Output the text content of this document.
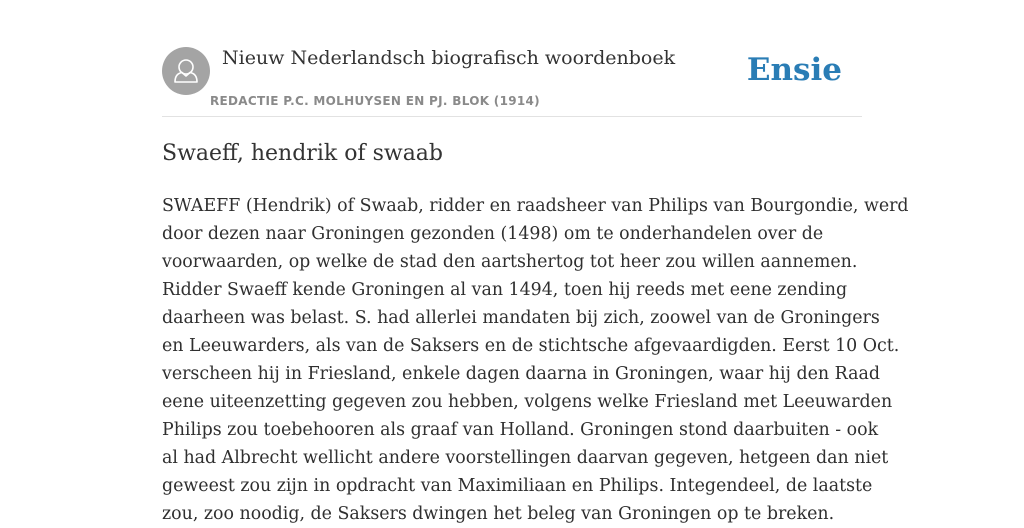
Nieuw Nederlandsch biografisch woordenboek
REDACTIE P.C. MOLHUYSEN EN PJ. BLOK (1914)
Ensie
Swaeff, hendrik of swaab

SWAEFF (Hendrik) of Swaab, ridder en raadsheer van Philips van Bourgondie, werd
door dezen naar Groningen gezonden (1498) om te onderhandelen over de
voorwaarden, op welke de stad den aartshertog tot heer zou willen aannemen.
Ridder Swaeff kende Groningen al van 1494, toen hij reeds met eene zending
daarheen was belast. S. had allerlei mandaten bij zich, zoowel van de Groningers
en Leeuwarders, als van de Saksers en de stichtsche afgevaardigden. Eerst 10 Oct.
verscheen hij in Friesland, enkele dagen daarna in Groningen, waar hij den Raad
eene uiteenzetting gegeven zou hebben, volgens welke Friesland met Leeuwarden
Philips zou toebehooren als graaf van Holland. Groningen stond daarbuiten - ook
al had Albrecht wellicht andere voorstellingen daarvan gegeven, hetgeen dan niet
geweest zou zijn in opdracht van Maximiliaan en Philips. Integendeel, de laatste
zou, zoo noodig, de Saksers dwingen het beleg van Groningen op te breken.
